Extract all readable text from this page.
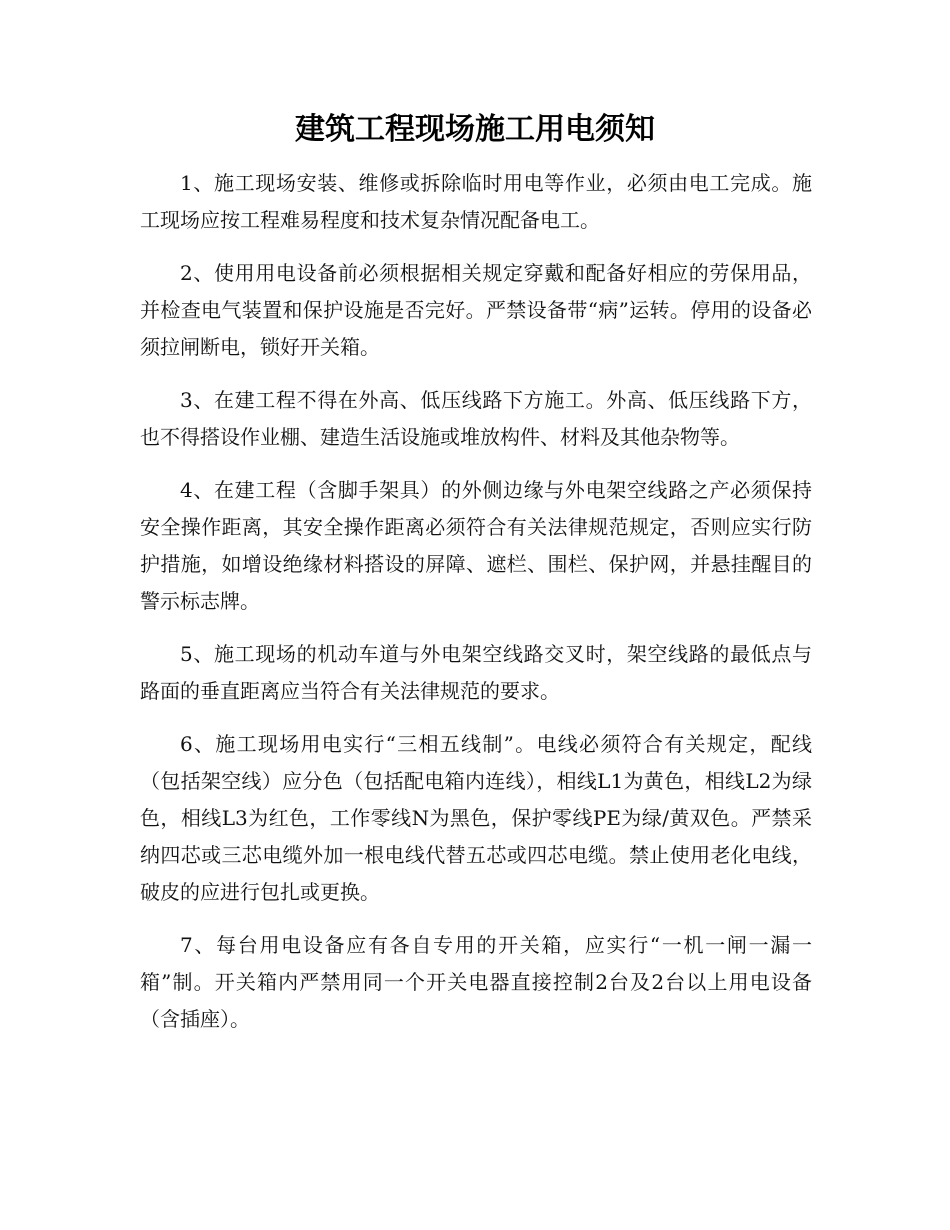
建筑工程现场施工用电须知

1、施工现场安装、维修或拆除临时用电等作业，必须由电工完成。施工现场应按工程难易程度和技术复杂情况配备电工。

2、使用用电设备前必须根据相关规定穿戴和配备好相应的劳保用品，并检查电气装置和保护设施是否完好。严禁设备带“病”运转。停用的设备必须拉闸断电，锁好开关箱。

3、在建工程不得在外高、低压线路下方施工。外高、低压线路下方，也不得搭设作业棚、建造生活设施或堆放构件、材料及其他杂物等。

4、在建工程（含脚手架具）的外侧边缘与外电架空线路之产必须保持安全操作距离，其安全操作距离必须符合有关法律规范规定，否则应实行防护措施，如增设绝缘材料搭设的屏障、遮栏、围栏、保护网，并悬挂醒目的警示标志牌。

5、施工现场的机动车道与外电架空线路交叉时，架空线路的最低点与路面的垂直距离应当符合有关法律规范的要求。

6、施工现场用电实行“三相五线制”。电线必须符合有关规定，配线（包括架空线）应分色（包括配电箱内连线），相线L1为黄色，相线L2为绿色，相线L3为红色，工作零线N为黑色，保护零线PE为绿/黄双色。严禁采纳四芯或三芯电缆外加一根电线代替五芯或四芯电缆。禁止使用老化电线，破皮的应进行包扎或更换。

7、每台用电设备应有各自专用的开关箱，应实行“一机一闸一漏一箱”制。开关箱内严禁用同一个开关电器直接控制2台及2台以上用电设备（含插座）。
